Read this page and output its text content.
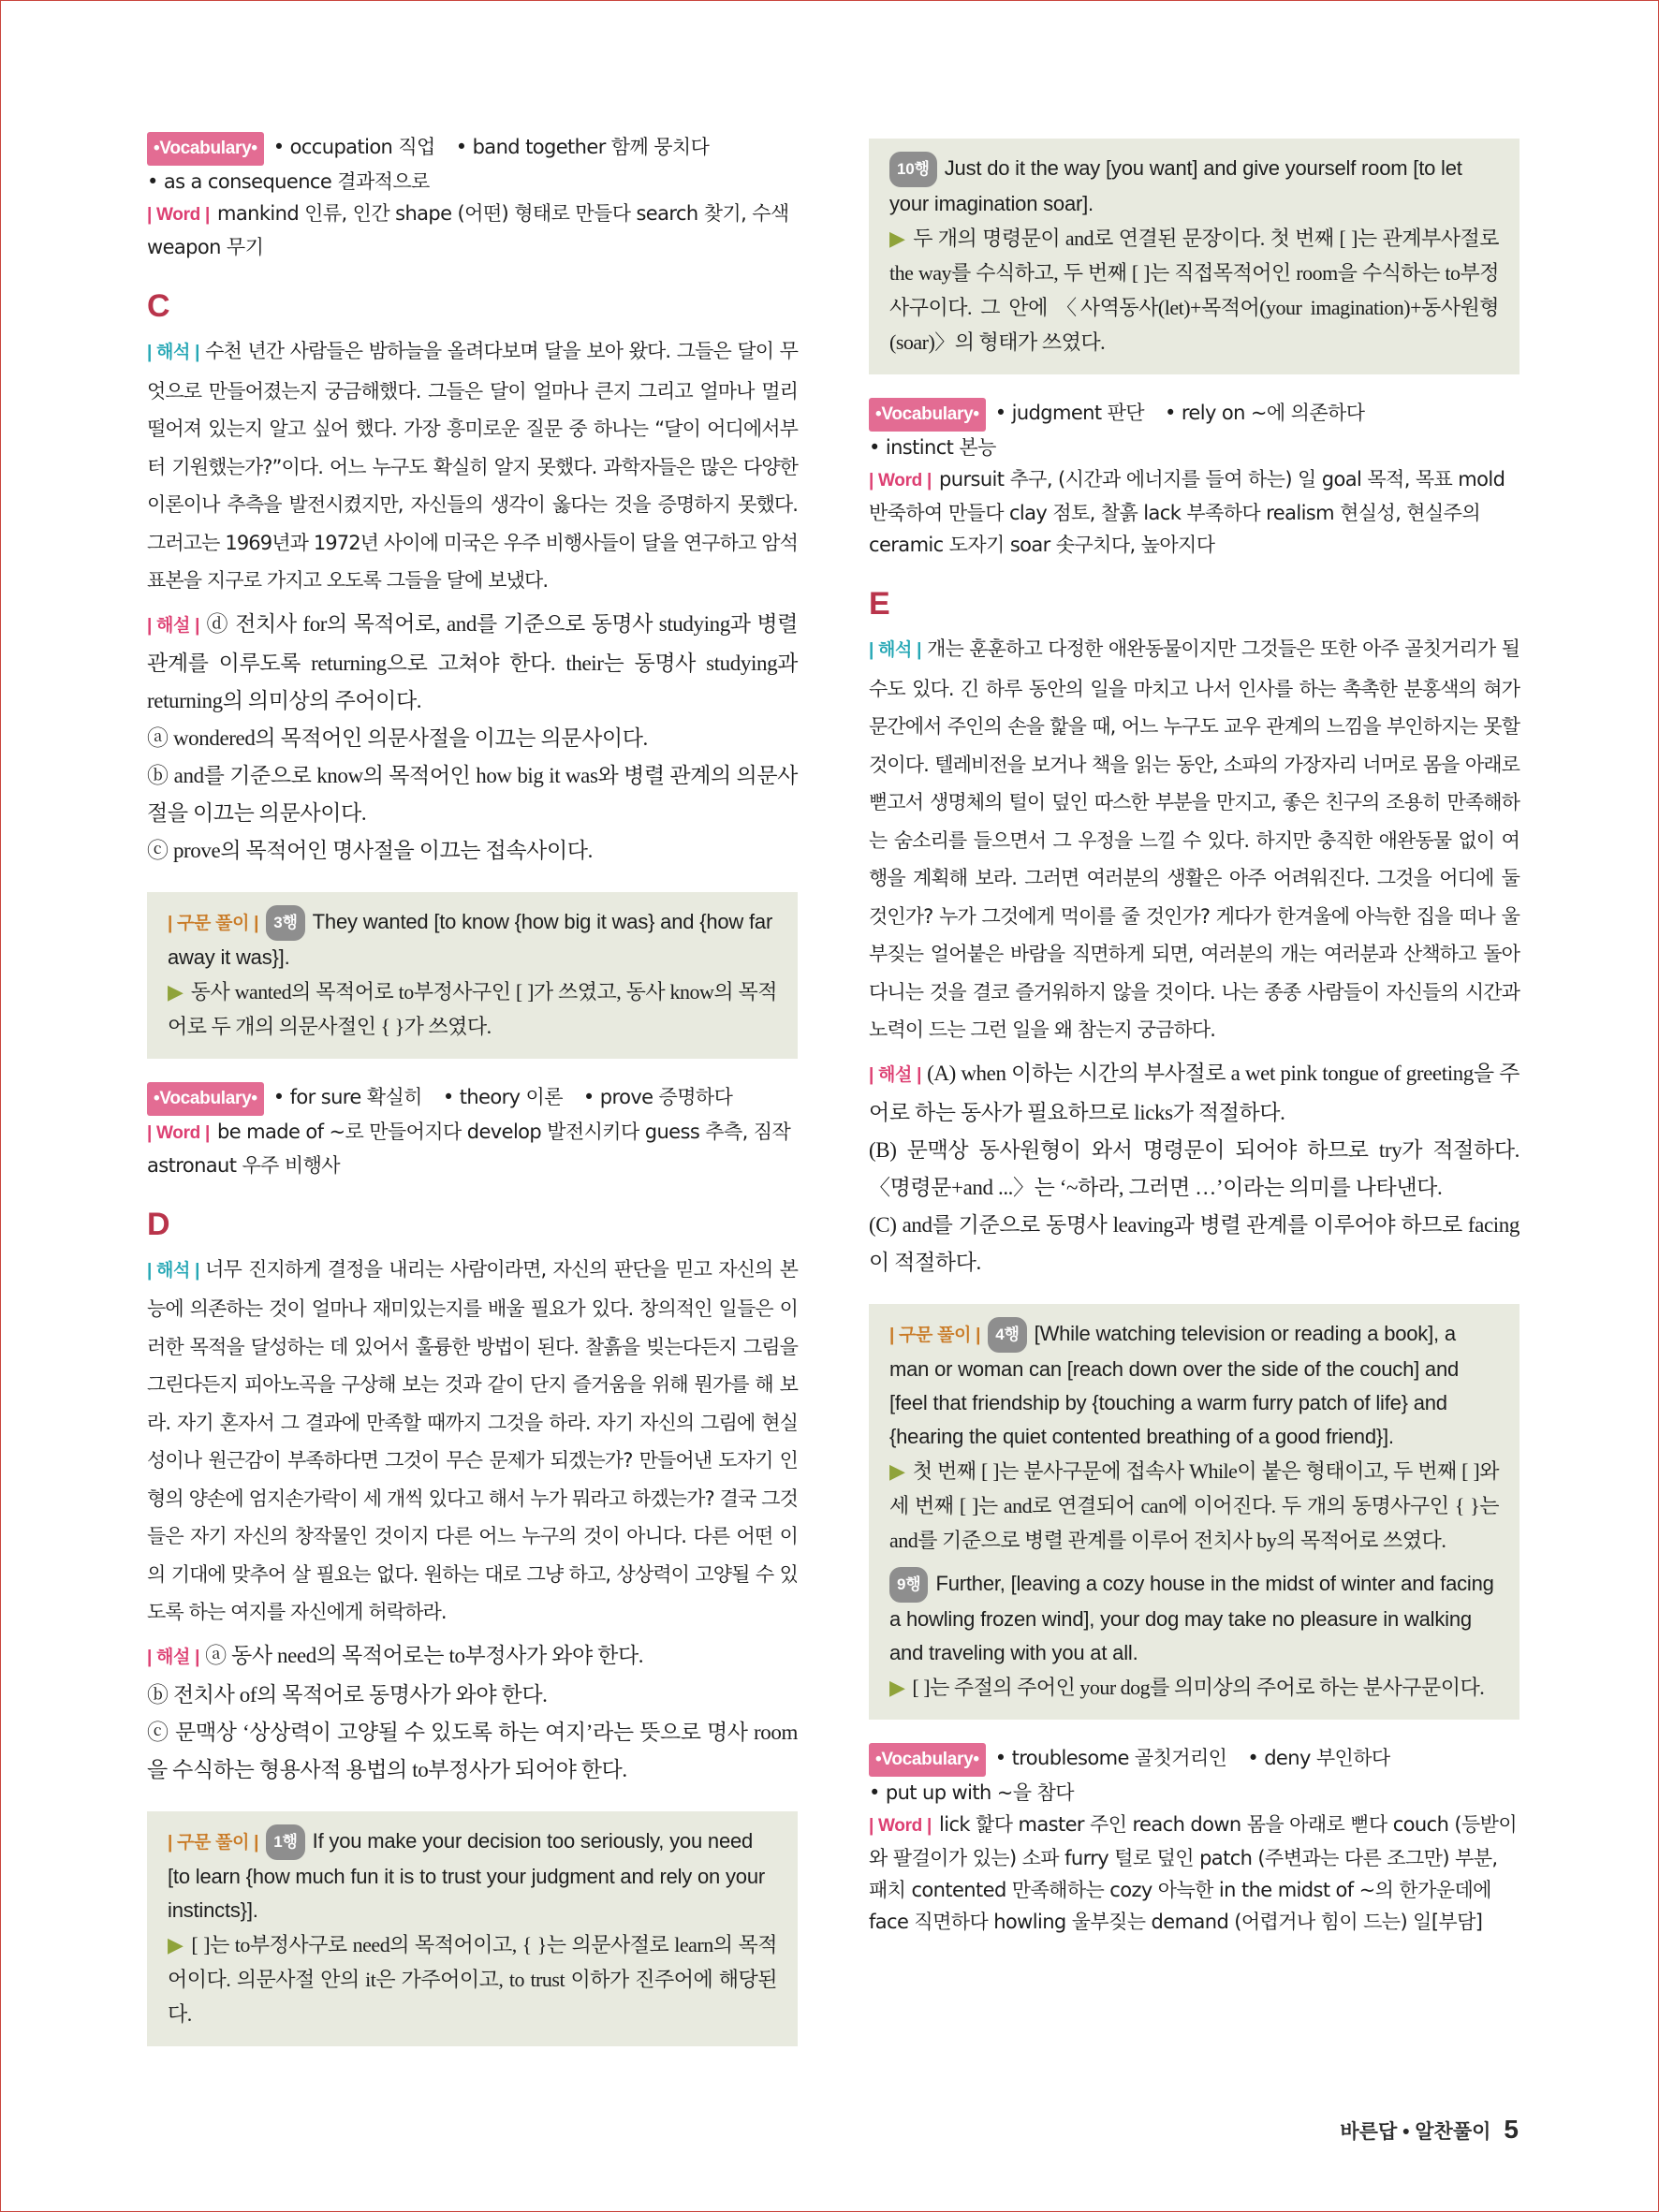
•Vocabulary• • occupation 직업 • band together 함께 뭉치다
• as a consequence 결과적으로
| Word | mankind 인류, 인간 shape (어떤) 형태로 만들다 search 찾기, 수색 weapon 무기
C
| 해석 | 수천 년간 사람들은 밤하늘을 올려다보며 달을 보아 왔다. 그들은 달이 무엇으로 만들어졌는지 궁금해했다. 그들은 달이 얼마나 큰지 그리고 얼마나 멀리 떨어져 있는지 알고 싶어 했다. 가장 흥미로운 질문 중 하나는 “달이 어디에서부터 기원했는가?”이다. 어느 누구도 확실히 알지 못했다. 과학자들은 많은 다양한 이론이나 추측을 발전시켰지만, 자신들의 생각이 옳다는 것을 증명하지 못했다. 그러고는 1969년과 1972년 사이에 미국은 우주 비행사들이 달을 연구하고 암석 표본을 지구로 가지고 오도록 그들을 달에 보냈다.

| 해설 | ⓓ 전치사 for의 목적어로, and를 기준으로 동명사 studying과 병렬 관계를 이루도록 returning으로 고쳐야 한다. their는 동명사 studying과 returning의 의미상의 주어이다.

ⓐ wondered의 목적어인 의문사절을 이끄는 의문사이다.

ⓑ and를 기준으로 know의 목적어인 how big it was와 병렬 관계의 의문사절을 이끄는 의문사이다.

ⓒ prove의 목적어인 명사절을 이끄는 접속사이다.

| 구문 풀이 | 3행 They wanted [to know {how big it was} and {how far away it was}].
▶ 동사 wanted의 목적어로 to부정사구인 [ ]가 쓰였고, 동사 know의 목적어로 두 개의 의문사절인 { }가 쓰였다.
•Vocabulary• • for sure 확실히 • theory 이론 • prove 증명하다
| Word | be made of ~로 만들어지다 develop 발전시키다 guess 추측, 짐작 astronaut 우주 비행사
D
| 해석 | 너무 진지하게 결정을 내리는 사람이라면, 자신의 판단을 믿고 자신의 본능에 의존하는 것이 얼마나 재미있는지를 배울 필요가 있다. 창의적인 일들은 이러한 목적을 달성하는 데 있어서 훌륭한 방법이 된다. 찰흙을 빚는다든지 그림을 그린다든지 피아노곡을 구상해 보는 것과 같이 단지 즐거움을 위해 뭔가를 해 보라. 자기 혼자서 그 결과에 만족할 때까지 그것을 하라. 자기 자신의 그림에 현실성이나 원근감이 부족하다면 그것이 무슨 문제가 되겠는가? 만들어낸 도자기 인형의 양손에 엄지손가락이 세 개씩 있다고 해서 누가 뭐라고 하겠는가? 결국 그것들은 자기 자신의 창작물인 것이지 다른 어느 누구의 것이 아니다. 다른 어떤 이의 기대에 맞추어 살 필요는 없다. 원하는 대로 그냥 하고, 상상력이 고양될 수 있도록 하는 여지를 자신에게 허락하라.

| 해설 | ⓐ 동사 need의 목적어로는 to부정사가 와야 한다.

ⓑ 전치사 of의 목적어로 동명사가 와야 한다.

ⓒ 문맥상 ‘상상력이 고양될 수 있도록 하는 여지’라는 뜻으로 명사 room을 수식하는 형용사적 용법의 to부정사가 되어야 한다.

| 구문 풀이 | 1행 If you make your decision too seriously, you need [to learn {how much fun it is to trust your judgment and rely on your instincts}].
▶ [ ]는 to부정사구로 need의 목적어이고, { }는 의문사절로 learn의 목적어이다. 의문사절 안의 it은 가주어이고, to trust 이하가 진주어에 해당된다.
10행 Just do it the way [you want] and give yourself room [to let your imagination soar].
▶ 두 개의 명령문이 and로 연결된 문장이다. 첫 번째 [ ]는 관계부사절로 the way를 수식하고, 두 번째 [ ]는 직접목적어인 room을 수식하는 to부정사구이다. 그 안에 〈사역동사(let)+목적어(your imagination)+동사원형(soar)〉의 형태가 쓰였다.
•Vocabulary• • judgment 판단 • rely on ~에 의존하다• instinct 본능
| Word | pursuit 추구, (시간과 에너지를 들여 하는) 일 goal 목적, 목표 mold 반죽하여 만들다 clay 점토, 찰흙 lack 부족하다 realism 현실성, 현실주의 ceramic 도자기 soar 솟구치다, 높아지다
E
| 해석 | 개는 훈훈하고 다정한 애완동물이지만 그것들은 또한 아주 골칫거리가 될 수도 있다. 긴 하루 동안의 일을 마치고 나서 인사를 하는 촉촉한 분홍색의 혀가 문간에서 주인의 손을 핥을 때, 어느 누구도 교우 관계의 느낌을 부인하지는 못할 것이다. 텔레비전을 보거나 책을 읽는 동안, 소파의 가장자리 너머로 몸을 아래로 뻗고서 생명체의 털이 덮인 따스한 부분을 만지고, 좋은 친구의 조용히 만족해하는 숨소리를 들으면서 그 우정을 느낄 수 있다. 하지만 충직한 애완동물 없이 여행을 계획해 보라. 그러면 여러분의 생활은 아주 어려워진다. 그것을 어디에 둘 것인가? 누가 그것에게 먹이를 줄 것인가? 게다가 한겨울에 아늑한 집을 떠나 울부짖는 얼어붙은 바람을 직면하게 되면, 여러분의 개는 여러분과 산책하고 돌아다니는 것을 결코 즐거워하지 않을 것이다. 나는 종종 사람들이 자신들의 시간과 노력이 드는 그런 일을 왜 참는지 궁금하다.

| 해설 | (A) when 이하는 시간의 부사절로 a wet pink tongue of greeting을 주어로 하는 동사가 필요하므로 licks가 적절하다.

(B) 문맥상 동사원형이 와서 명령문이 되어야 하므로 try가 적절하다. 〈명령문+and ...〉는 ‘~하라, 그러면 …’이라는 의미를 나타낸다.

(C) and를 기준으로 동명사 leaving과 병렬 관계를 이루어야 하므로 facing이 적절하다.

| 구문 풀이 | 4행 [While watching television or reading a book], a man or woman can [reach down over the side of the couch] and [feel that friendship by {touching a warm furry patch of life} and {hearing the quiet contented breathing of a good friend}].
▶ 첫 번째 [ ]는 분사구문에 접속사 While이 붙은 형태이고, 두 번째 [ ]와 세 번째 [ ]는 and로 연결되어 can에 이어진다. 두 개의 동명사구인 { }는 and를 기준으로 병렬 관계를 이루어 전치사 by의 목적어로 쓰였다.
9행 Further, [leaving a cozy house in the midst of winter and facing a howling frozen wind], your dog may take no pleasure in walking and traveling with you at all.
▶ [ ]는 주절의 주어인 your dog를 의미상의 주어로 하는 분사구문이다.
•Vocabulary• • troublesome 골칫거리인 • deny 부인하다• put up with ~을 참다
| Word | lick 핥다 master 주인 reach down 몸을 아래로 뻗다 couch (등받이와 팔걸이가 있는) 소파 furry 털로 덮인 patch (주변과는 다른 조그만) 부분, 패치 contented 만족해하는 cozy 아늑한 in the midst of ~의 한가운데에 face 직면하다 howling 울부짖는 demand (어렵거나 힘이 드는) 일[부담]
바른답 • 알찬풀이 5
